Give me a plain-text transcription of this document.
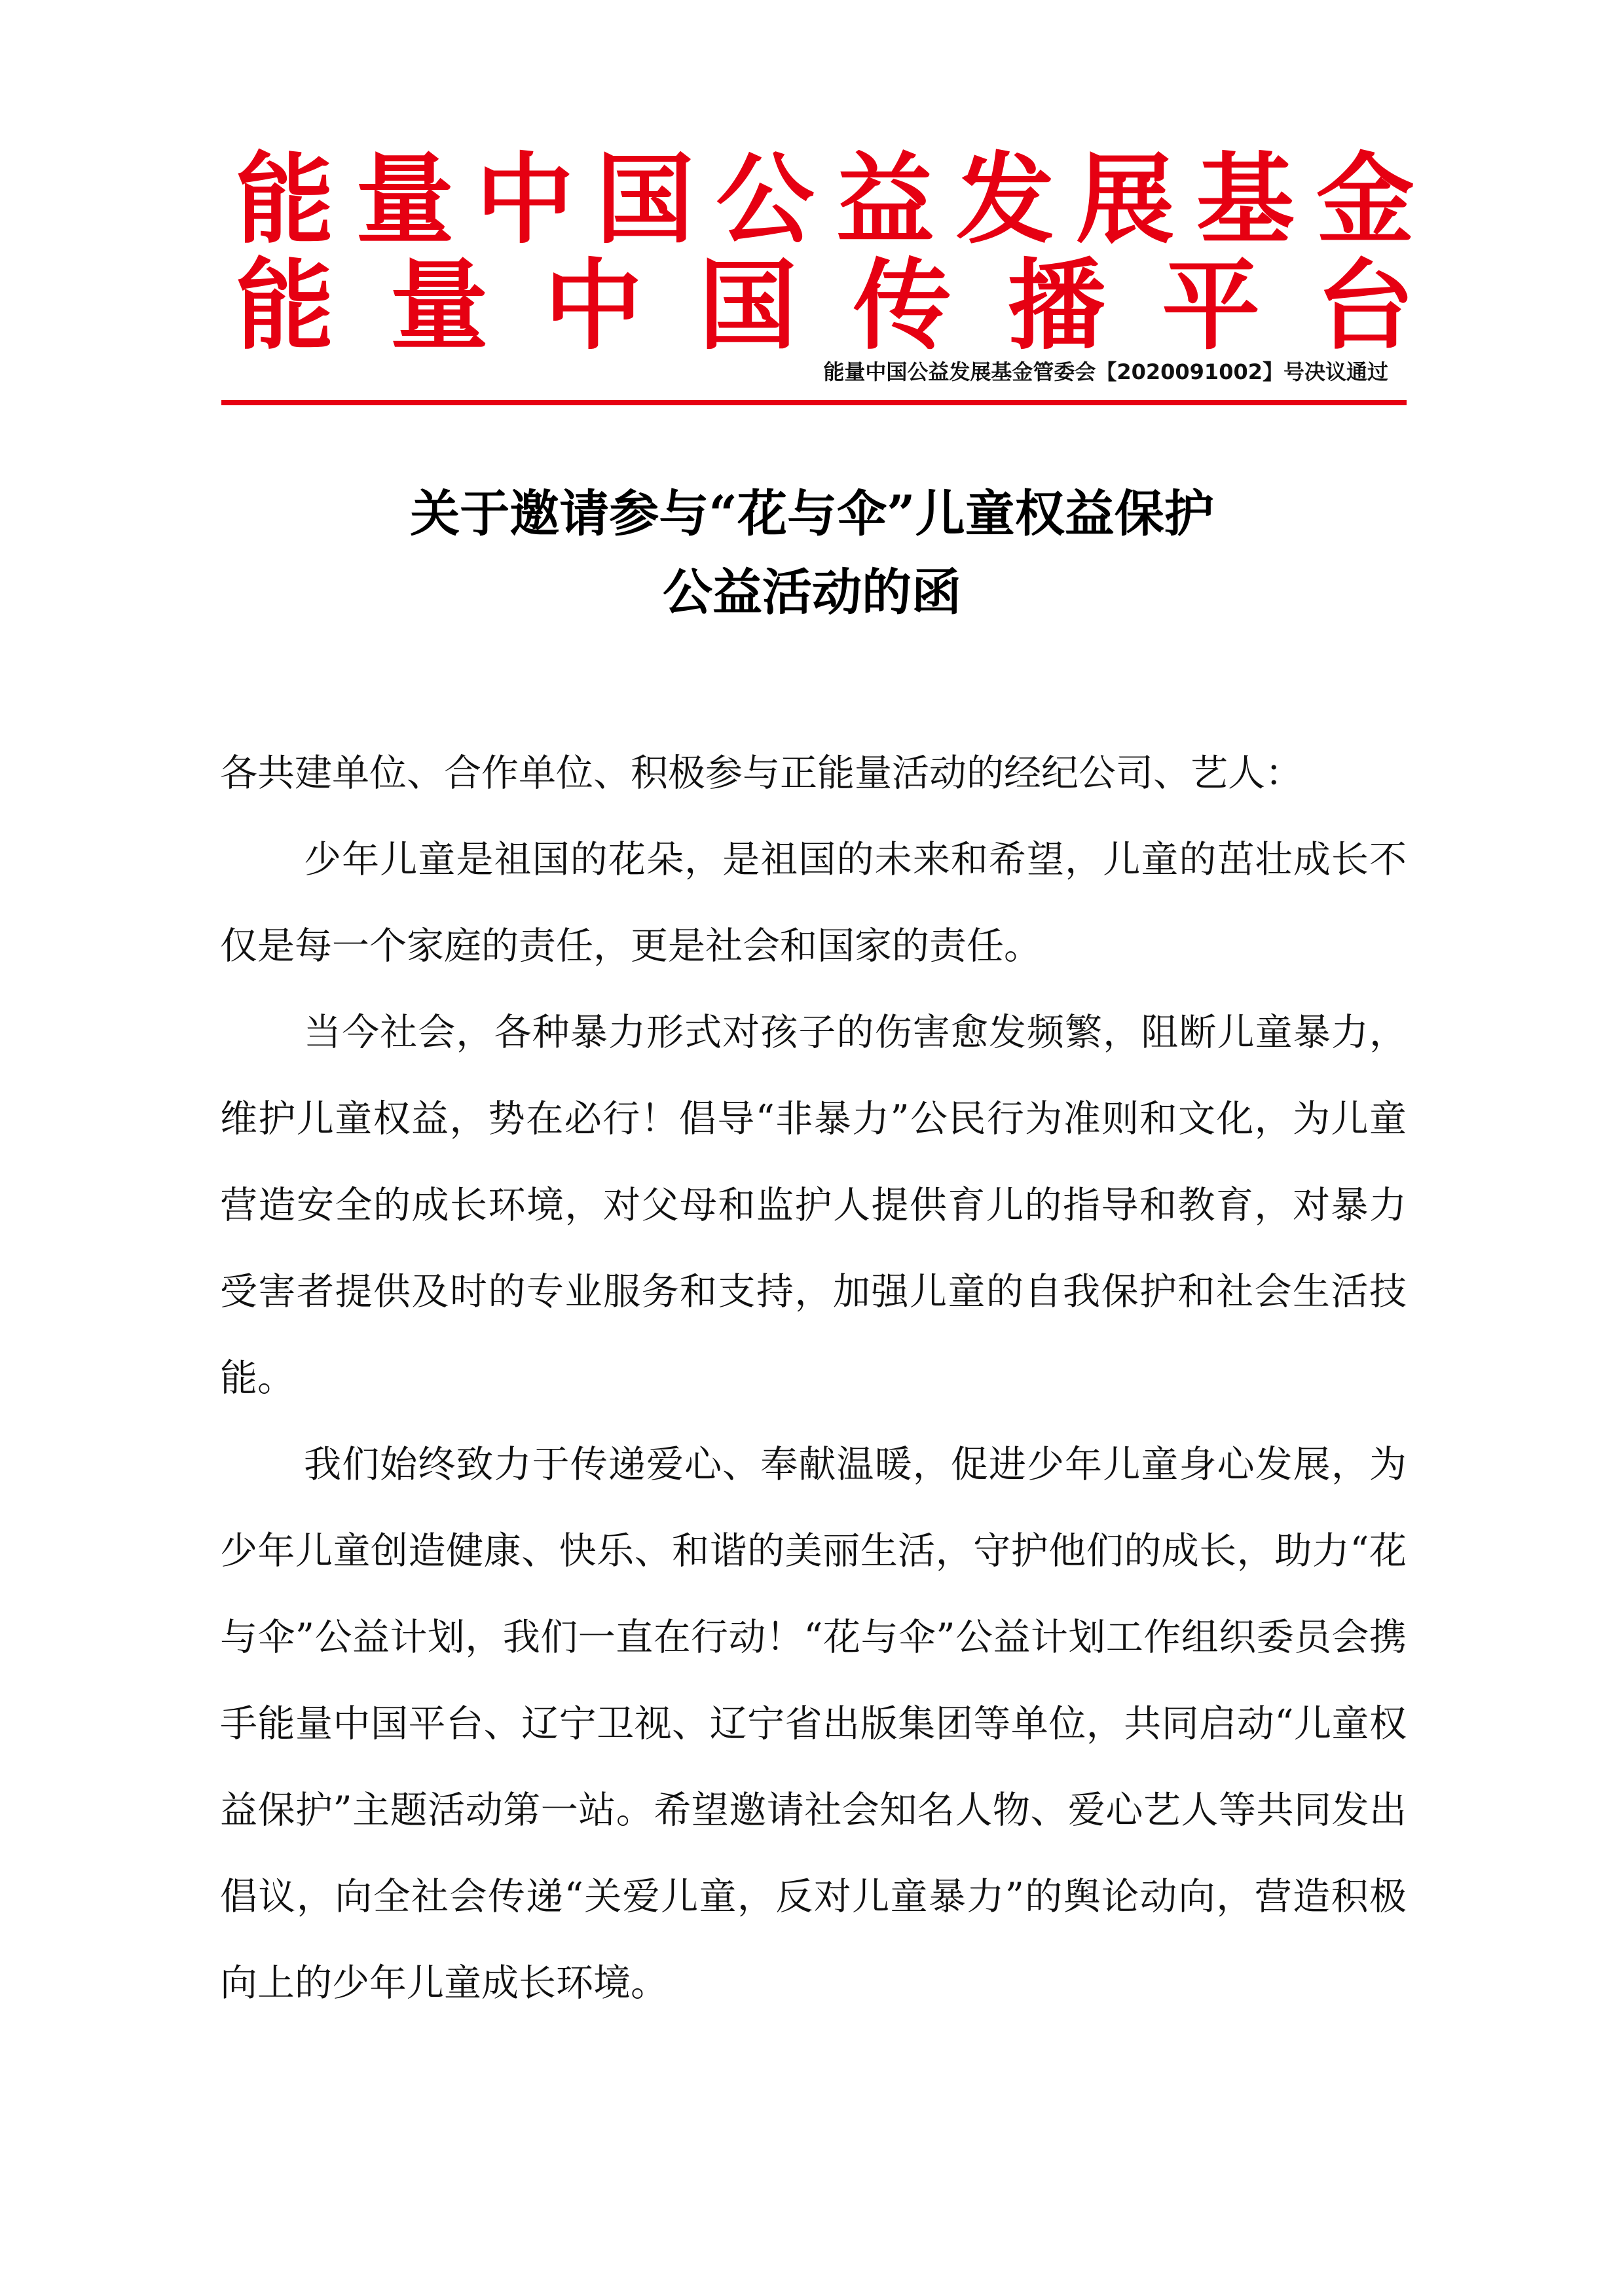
能量中国公益发展基金
能量中国传播平台
能量中国公益发展基金管委会【2020091002】号决议通过
关于邀请参与“花与伞”儿童权益保护
公益活动的函

各共建单位、合作单位、积极参与正能量活动的经纪公司、艺人：

少年儿童是祖国的花朵，是祖国的未来和希望，儿童的茁壮成长不仅是每一个家庭的责任，更是社会和国家的责任。

当今社会，各种暴力形式对孩子的伤害愈发频繁，阻断儿童暴力，维护儿童权益，势在必行！倡导“非暴力”公民行为准则和文化，为儿童营造安全的成长环境，对父母和监护人提供育儿的指导和教育，对暴力受害者提供及时的专业服务和支持，加强儿童的自我保护和社会生活技能。

我们始终致力于传递爱心、奉献温暖，促进少年儿童身心发展，为少年儿童创造健康、快乐、和谐的美丽生活，守护他们的成长，助力“花与伞”公益计划，我们一直在行动！“花与伞”公益计划工作组织委员会携手能量中国平台、辽宁卫视、辽宁省出版集团等单位，共同启动“儿童权益保护”主题活动第一站。希望邀请社会知名人物、爱心艺人等共同发出倡议，向全社会传递“关爱儿童，反对儿童暴力”的舆论动向，营造积极向上的少年儿童成长环境。
